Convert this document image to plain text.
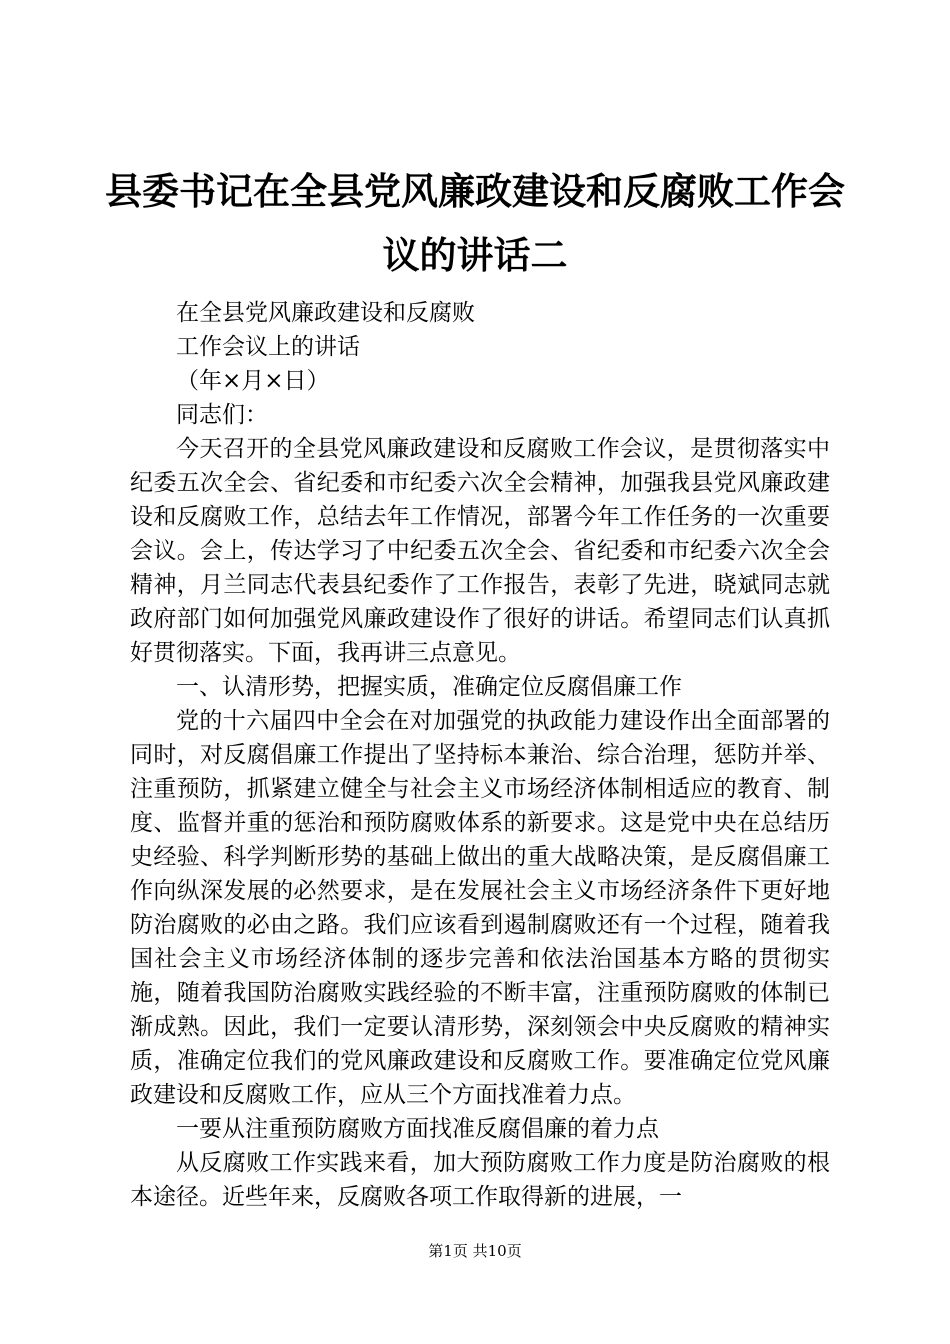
县委书记在全县党风廉政建设和反腐败工作会议的讲话二

在全县党风廉政建设和反腐败

工作会议上的讲话

（年×月×日）

同志们：

今天召开的全县党风廉政建设和反腐败工作会议，是贯彻落实中纪委五次全会、省纪委和市纪委六次全会精神，加强我县党风廉政建设和反腐败工作，总结去年工作情况，部署今年工作任务的一次重要会议。会上，传达学习了中纪委五次全会、省纪委和市纪委六次全会精神，月兰同志代表县纪委作了工作报告，表彰了先进，晓斌同志就政府部门如何加强党风廉政建设作了很好的讲话。希望同志们认真抓好贯彻落实。下面，我再讲三点意见。

一、认清形势，把握实质，准确定位反腐倡廉工作

党的十六届四中全会在对加强党的执政能力建设作出全面部署的同时，对反腐倡廉工作提出了坚持标本兼治、综合治理，惩防并举、注重预防，抓紧建立健全与社会主义市场经济体制相适应的教育、制度、监督并重的惩治和预防腐败体系的新要求。这是党中央在总结历史经验、科学判断形势的基础上做出的重大战略决策，是反腐倡廉工作向纵深发展的必然要求，是在发展社会主义市场经济条件下更好地防治腐败的必由之路。我们应该看到遏制腐败还有一个过程，随着我国社会主义市场经济体制的逐步完善和依法治国基本方略的贯彻实施，随着我国防治腐败实践经验的不断丰富，注重预防腐败的体制已渐成熟。因此，我们一定要认清形势，深刻领会中央反腐败的精神实质，准确定位我们的党风廉政建设和反腐败工作。要准确定位党风廉政建设和反腐败工作，应从三个方面找准着力点。

一要从注重预防腐败方面找准反腐倡廉的着力点

从反腐败工作实践来看，加大预防腐败工作力度是防治腐败的根本途径。近些年来，反腐败各项工作取得新的进展，一

第1页 共10页
